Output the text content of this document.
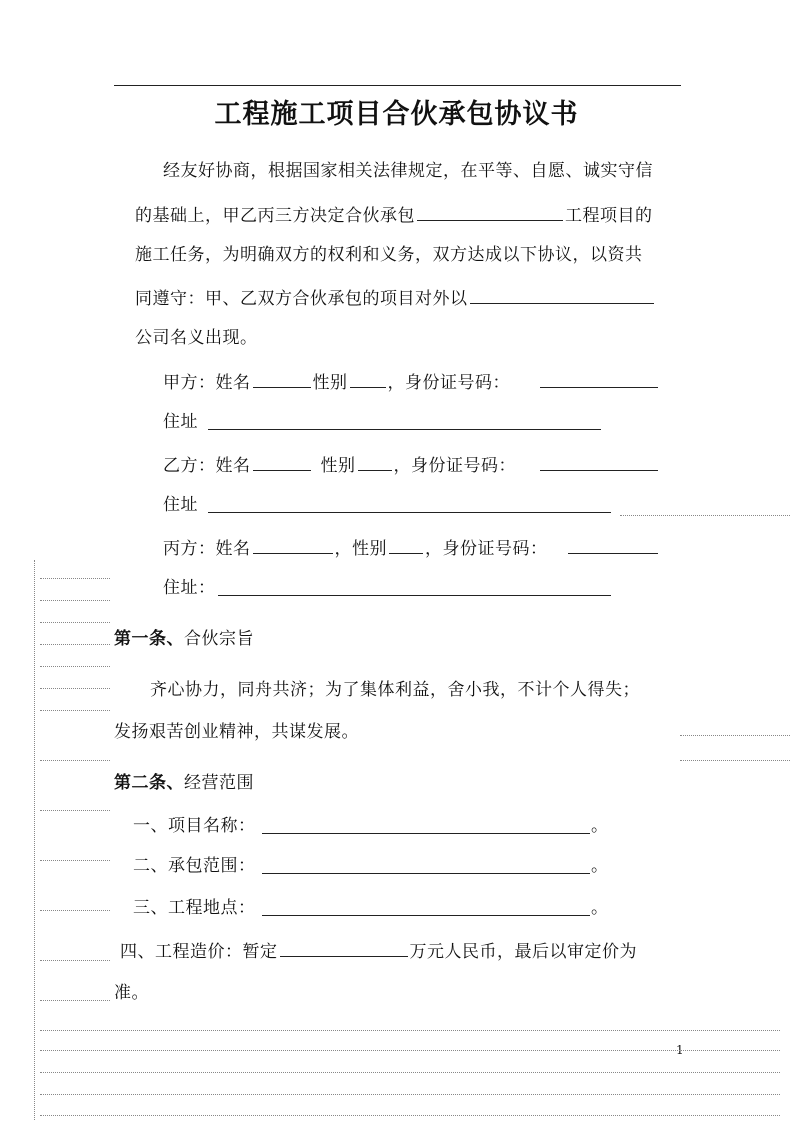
工程施工项目合伙承包协议书
经友好协商，根据国家相关法律规定，在平等、自愿、诚实守信
的基础上，甲乙丙三方决定合伙承包	工程项目的
施工任务，为明确双方的权利和义务，双方达成以下协议，以资共
同遵守：甲、乙双方合伙承包的项目对外以
公司名义出现。
甲方：姓名	性别 ，身份证号码：
住址
乙方：姓名	性别 ，身份证号码：
住址
丙方：姓名	，性别 ，身份证号码：
住址：
第一条、合伙宗旨
齐心协力，同舟共济；为了集体利益，舍小我，不计个人得失；
发扬艰苦创业精神，共谋发展。
第二条、经营范围
一、项目名称：	。
二、承包范围：	。
三、工程地点：	。
四、工程造价：暂定	万元人民币，最后以审定价为
准。
1
